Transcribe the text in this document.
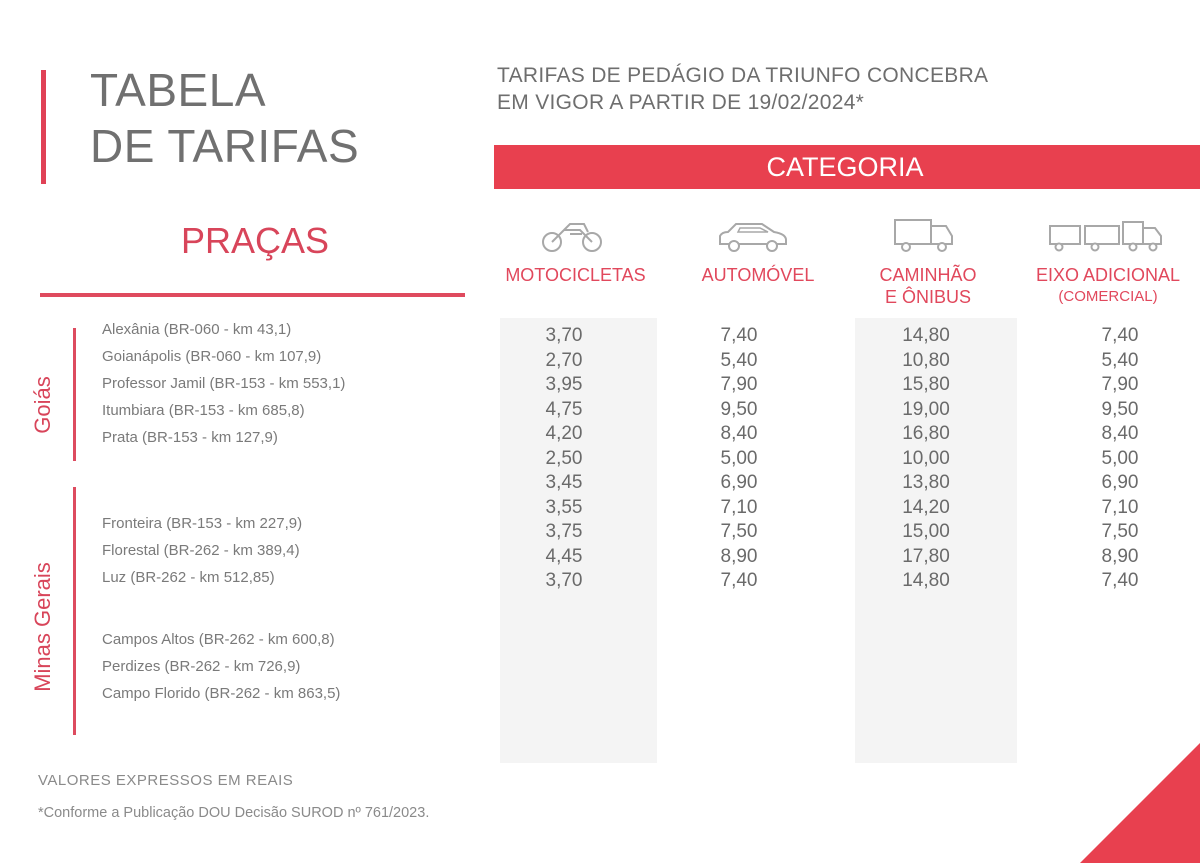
TABELA
DE TARIFAS
TARIFAS DE PEDÁGIO DA TRIUNFO CONCEBRA
EM VIGOR A PARTIR DE 19/02/2024*
CATEGORIA
PRAÇAS
MOTOCICLETAS	AUTOMÓVEL	CAMINHÃO
E ÔNIBUS
EIXO ADICIONAL
(COMERCIAL)
3,70
2,70
3,95
4,75
4,20
2,50
3,45
3,55
3,75
4,45
3,70
7,40
5,40
7,90
9,50
8,40
5,00
6,90
7,10
7,50
8,90
7,40
14,80
10,80
15,80
19,00
16,80
10,00
13,80
14,20
15,00
17,80
14,80
7,40
5,40
7,90
9,50
8,40
5,00
6,90
7,10
7,50
8,90
7,40
Goiás
Minas Gerais
Alexânia (BR-060 - km 43,1)
Goianápolis (BR-060 - km 107,9)
Professor Jamil (BR-153 - km 553,1)
Itumbiara (BR-153 - km 685,8)
Prata (BR-153 - km 127,9)
Fronteira (BR-153 - km 227,9)
Florestal (BR-262 - km 389,4)
Luz (BR-262 - km 512,85)
Campos Altos (BR-262 - km 600,8)
Perdizes (BR-262 - km 726,9)
Campo Florido (BR-262 - km 863,5)
VALORES EXPRESSOS EM REAIS
*Conforme a Publicação DOU Decisão SUROD nº 761/2023.
